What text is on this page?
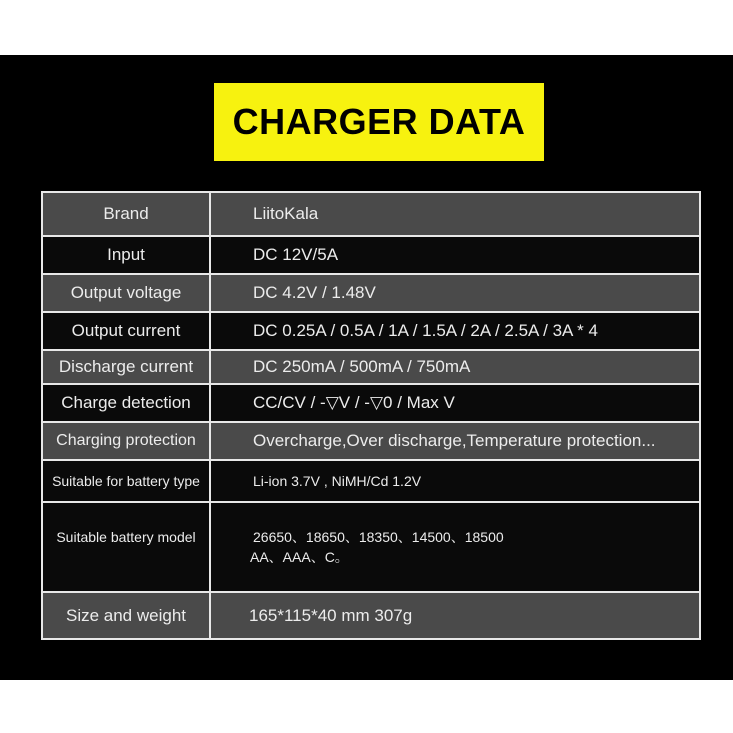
CHARGER DATA
Brand	LiitoKala
Input	DC 12V/5A
Output voltage	DC 4.2V / 1.48V
Output current	DC 0.25A / 0.5A / 1A / 1.5A / 2A / 2.5A / 3A * 4
Discharge current	DC 250mA / 500mA / 750mA
Charge detection	CC/CV / -▽V / -▽0 / Max V
Charging protection	Overcharge,Over discharge,Temperature protection...
Suitable for battery type	Li-ion 3.7V , NiMH/Cd 1.2V
Suitable battery model	26650、18650、18350、14500、18500
AA、AAA、C。
Size and weight	165*115*40 mm 307g
